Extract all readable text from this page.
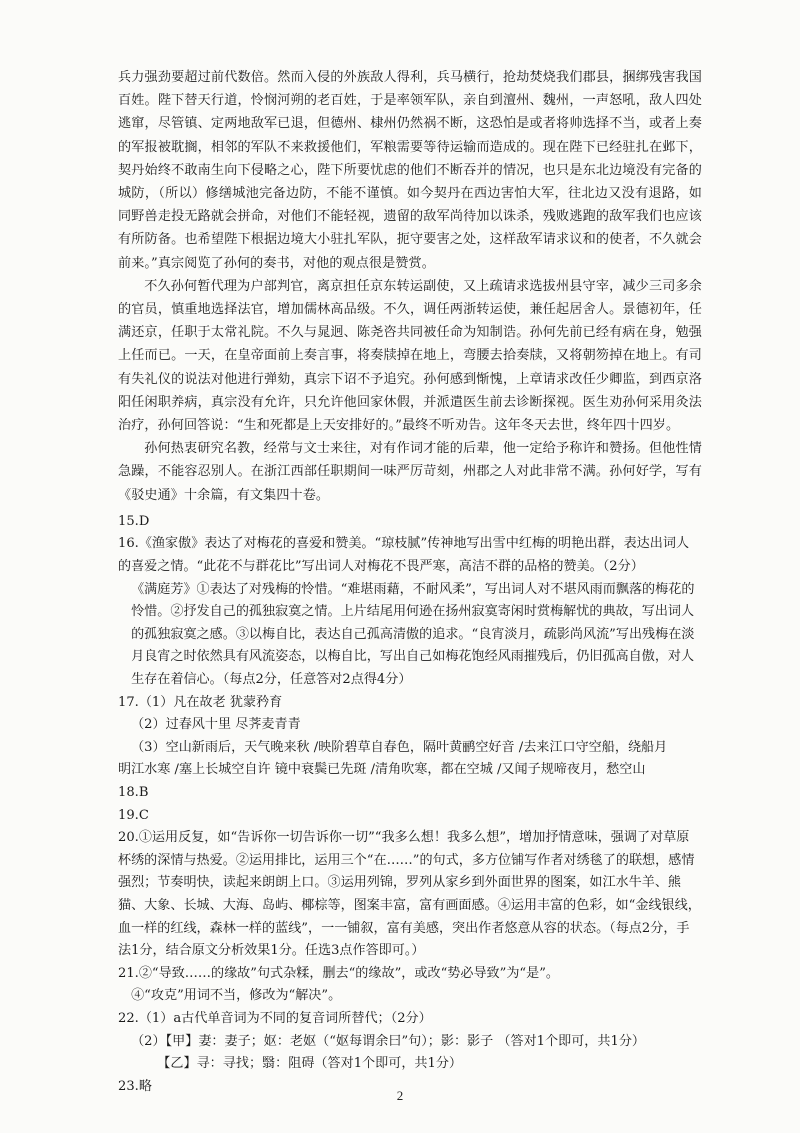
兵力强劲要超过前代数倍。然而入侵的外族敌人得利，兵马横行，抢劫焚烧我们郡县，捆绑残害我国百姓。陛下替天行道，怜悯河朔的老百姓，于是率领军队，亲自到澶州、魏州，一声怒吼，敌人四处逃窜，尽管镇、定两地敌军已退，但德州、棣州仍然祸不断，这恐怕是或者将帅选择不当，或者上奏的军报被耽搁，相邻的军队不来救援他们，军粮需要等待运输而造成的。现在陛下已经驻扎在邺下，契丹始终不敢南生向下侵略之心，陛下所要忧虑的他们不断吞并的情况，也只是东北边境没有完备的城防，（所以）修缮城池完备边防，不能不谨慎。如今契丹在西边害怕大军，往北边又没有退路，如同野兽走投无路就会拼命，对他们不能轻视，遗留的敌军尚待加以诛杀，残败逃跑的敌军我们也应该有所防备。也希望陛下根据边境大小驻扎军队，扼守要害之处，这样敌军请求议和的使者，不久就会前来。”真宗阅览了孙何的奏书，对他的观点很是赞赏。

不久孙何暂代理为户部判官，离京担任京东转运副使，又上疏请求选拔州县守宰，减少三司多余的官员，慎重地选择法官，增加儒林高品级。不久，调任两浙转运使，兼任起居舍人。景德初年，任满还京，任职于太常礼院。不久与晁迥、陈尧咨共同被任命为知制诰。孙何先前已经有病在身，勉强上任而已。一天，在皇帝面前上奏言事，将奏牍掉在地上，弯腰去拾奏牍，又将朝笏掉在地上。有司有失礼仪的说法对他进行弹劾，真宗下诏不予追究。孙何感到惭愧，上章请求改任少卿监，到西京洛阳任闲职养病，真宗没有允许，只允许他回家休假，并派遣医生前去诊断探视。医生劝孙何采用灸法治疗，孙何回答说：“生和死都是上天安排好的。”最终不听劝告。这年冬天去世，终年四十四岁。

孙何热衷研究名教，经常与文士来往，对有作词才能的后辈，他一定给予称许和赞扬。但他性情急躁，不能容忍别人。在浙江西部任职期间一味严厉苛刻，州郡之人对此非常不满。孙何好学，写有《驳史通》十余篇，有文集四十卷。

15.D
16.《渔家傲》表达了对梅花的喜爱和赞美。“琼枝腻”传神地写出雪中红梅的明艳出群，表达出词人的喜爱之情。“此花不与群花比”写出词人对梅花不畏严寒，高洁不群的品格的赞美。（2分）
《满庭芳》①表达了对残梅的怜惜。“难堪雨藉，不耐风柔”，写出词人对不堪风雨而飘落的梅花的怜惜。②抒发自己的孤独寂寞之情。上片结尾用何逊在扬州寂寞寄闲时赏梅解忧的典故，写出词人的孤独寂寞之感。③以梅自比，表达自己孤高清傲的追求。“良宵淡月，疏影尚风流”写出残梅在淡月良宵之时依然具有风流姿态，以梅自比，写出自己如梅花饱经风雨摧残后，仍旧孤高自傲，对人生存在着信心。（每点2分，任意答对2点得4分）
17.（1）凡在故老 犹蒙矜育
（2）过春风十里 尽荠麦青青
（3）空山新雨后，天气晚来秋 /映阶碧草自春色，隔叶黄鹂空好音 /去来江口守空船，绕船月
明江水寒 /塞上长城空自许 镜中衰鬓已先斑 /清角吹寒，都在空城 /又闻子规啼夜月，愁空山
18.B
19.C
20.①运用反复，如“告诉你一切告诉你一切”“我多么想！我多么想”，增加抒情意味，强调了对草原杯绣的深情与热爱。②运用排比，运用三个“在……”的句式，多方位铺写作者对绣毯了的联想，感情强烈；节奏明快，读起来朗朗上口。③运用列锦，罗列从家乡到外面世界的图案，如江水牛羊、熊猫、大象、长城、大海、岛屿、椰棕等，图案丰富，富有画面感。④运用丰富的色彩，如“金线银线，血一样的红线，森林一样的蓝线”，一一铺叙，富有美感，突出作者悠意从容的状态。（每点2分，手法1分，结合原文分析效果1分。任选3点作答即可。）
21.②“导致……的缘故”句式杂糅，删去“的缘故”，或改“势必导致”为“是”。
④“攻克”用词不当，修改为“解决”。
22.（1）a古代单音词为不同的复音词所替代；（2分）
（2）【甲】妻：妻子；妪：老妪（“妪每谓余曰”句）；影：影子 （答对1个即可，共1分）
【乙】寻：寻找；翳：阻碍（答对1个即可，共1分）
23.略
2
